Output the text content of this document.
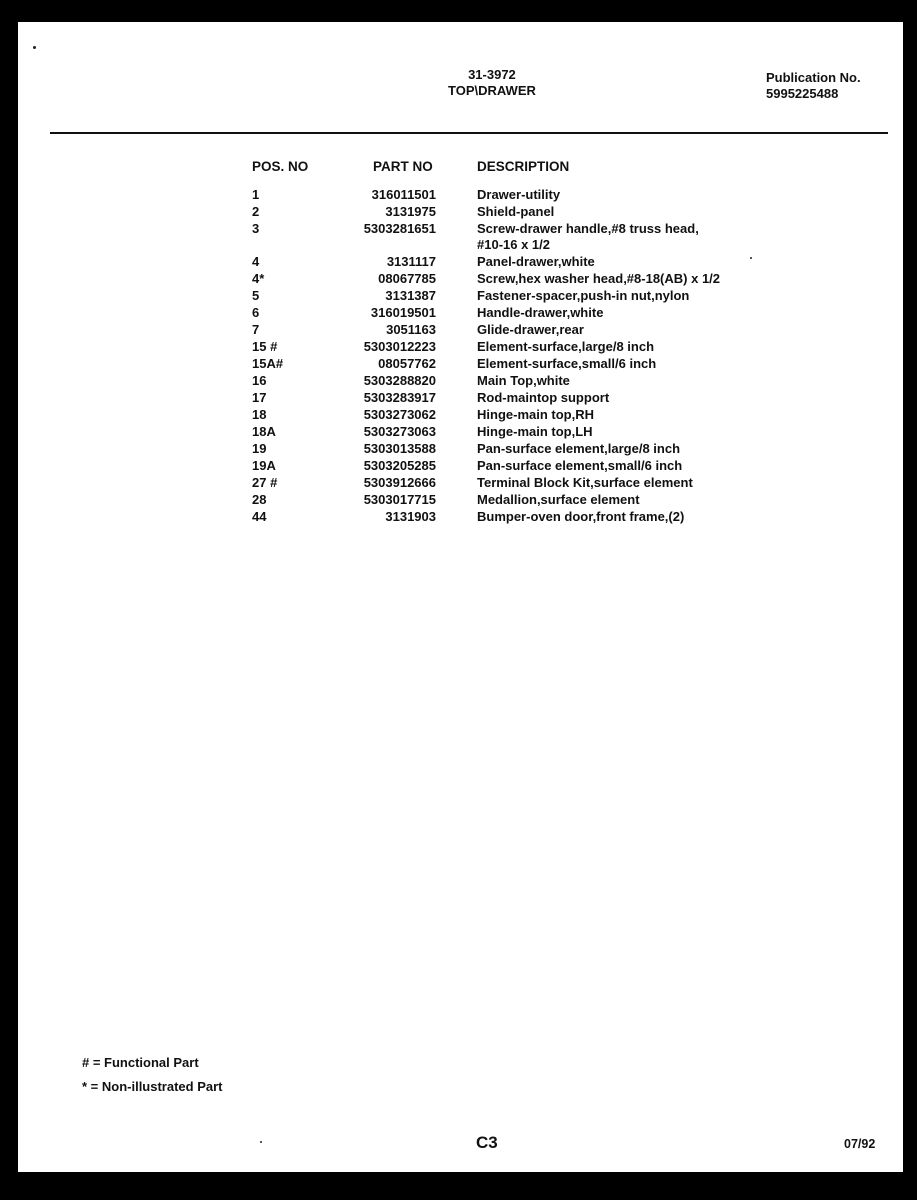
31-3972
TOP\DRAWER
Publication No.
5995225488
POS. NO	PART NO	DESCRIPTION
1	316011501	Drawer-utility
2	3131975	Shield-panel
3	5303281651	Screw-drawer handle,#8 truss head,
#10-16 x 1/2
4	3131117	Panel-drawer,white
4*	08067785	Screw,hex washer head,#8-18(AB) x 1/2
5	3131387	Fastener-spacer,push-in nut,nylon
6	316019501	Handle-drawer,white
7	3051163	Glide-drawer,rear
15 #	5303012223	Element-surface,large/8 inch
15A#	08057762	Element-surface,small/6 inch
16	5303288820	Main Top,white
17	5303283917	Rod-maintop support
18	5303273062	Hinge-main top,RH
18A	5303273063	Hinge-main top,LH
19	5303013588	Pan-surface element,large/8 inch
19A	5303205285	Pan-surface element,small/6 inch
27 #	5303912666	Terminal Block Kit,surface element
28	5303017715	Medallion,surface element
44	3131903	Bumper-oven door,front frame,(2)
# = Functional Part
* = Non-illustrated Part
C3	07/92
